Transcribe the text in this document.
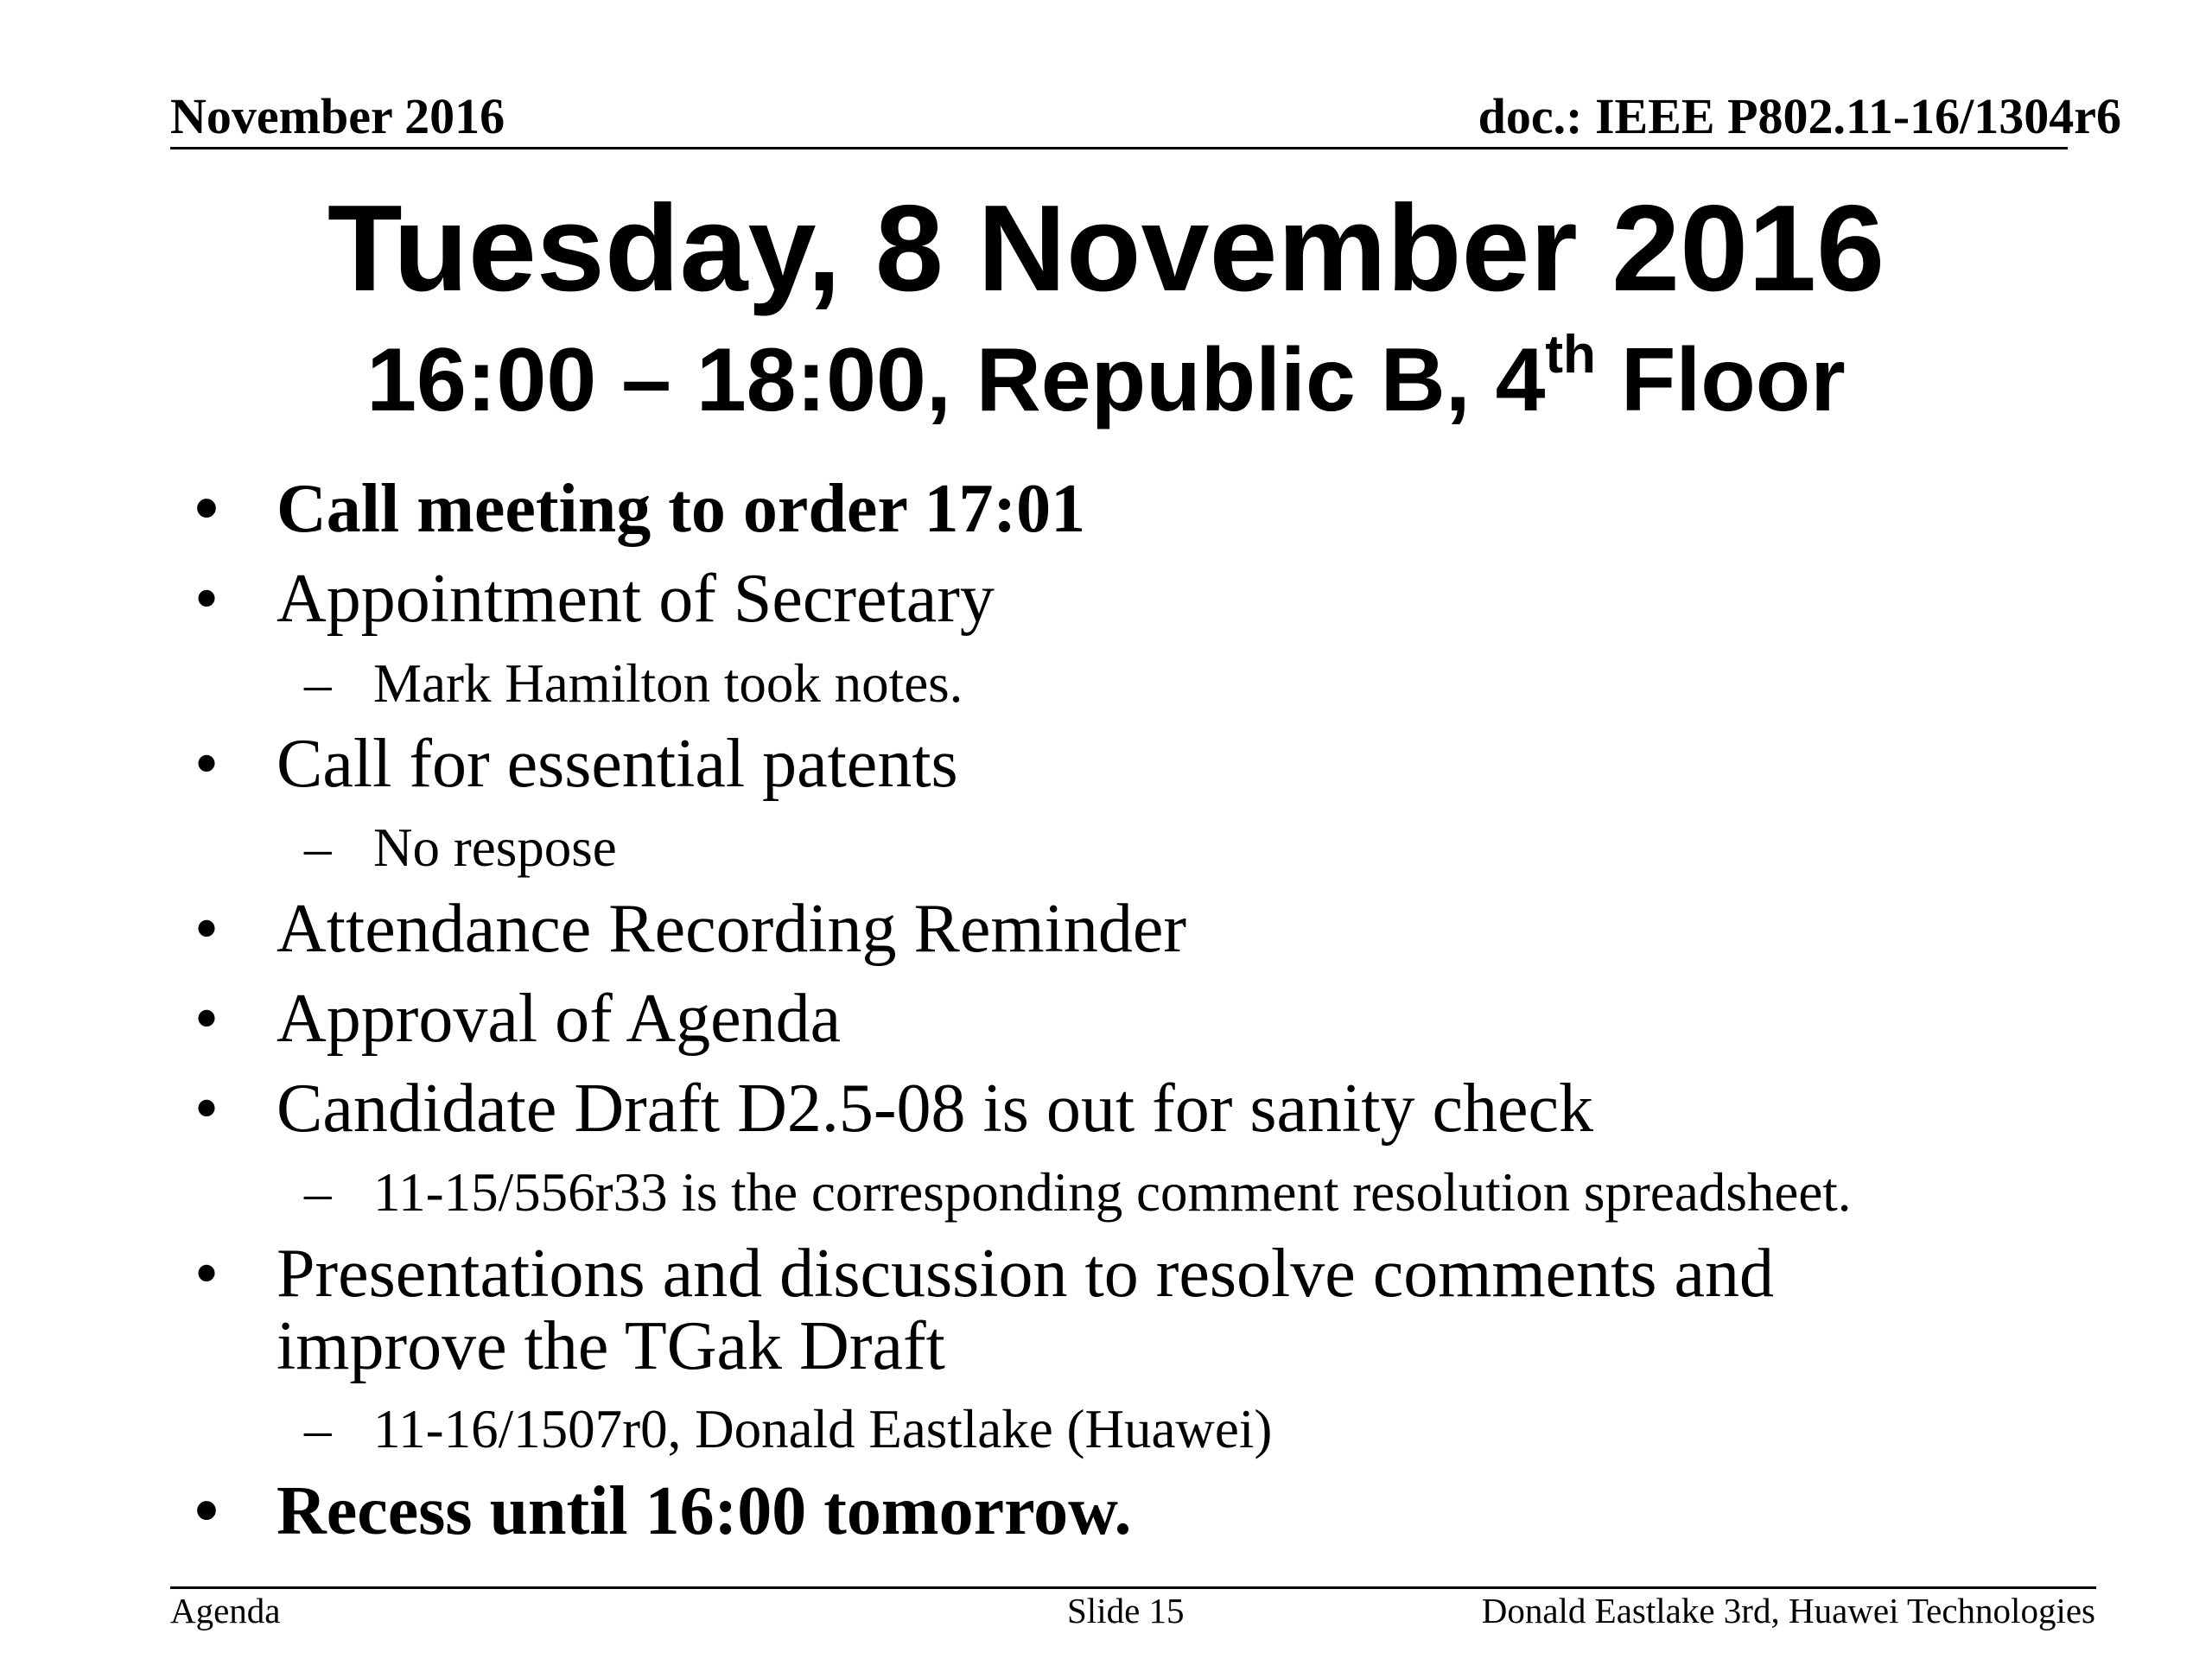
November 2016	doc.: IEEE P802.11-16/1304r6
Tuesday, 8 November 2016
16:00 – 18:00, Republic B, 4th Floor
• Call meeting to order 17:01
• Appointment of Secretary
– Mark Hamilton took notes.
• Call for essential patents
– No respose
• Attendance Recording Reminder
• Approval of Agenda
• Candidate Draft D2.5-08 is out for sanity check
– 11-15/556r33 is the corresponding comment resolution spreadsheet.
• Presentations and discussion to resolve comments and
improve the TGak Draft
– 11-16/1507r0, Donald Eastlake (Huawei)
• Recess until 16:00 tomorrow.
Agenda	Slide 15	Donald Eastlake 3rd, Huawei Technologies
